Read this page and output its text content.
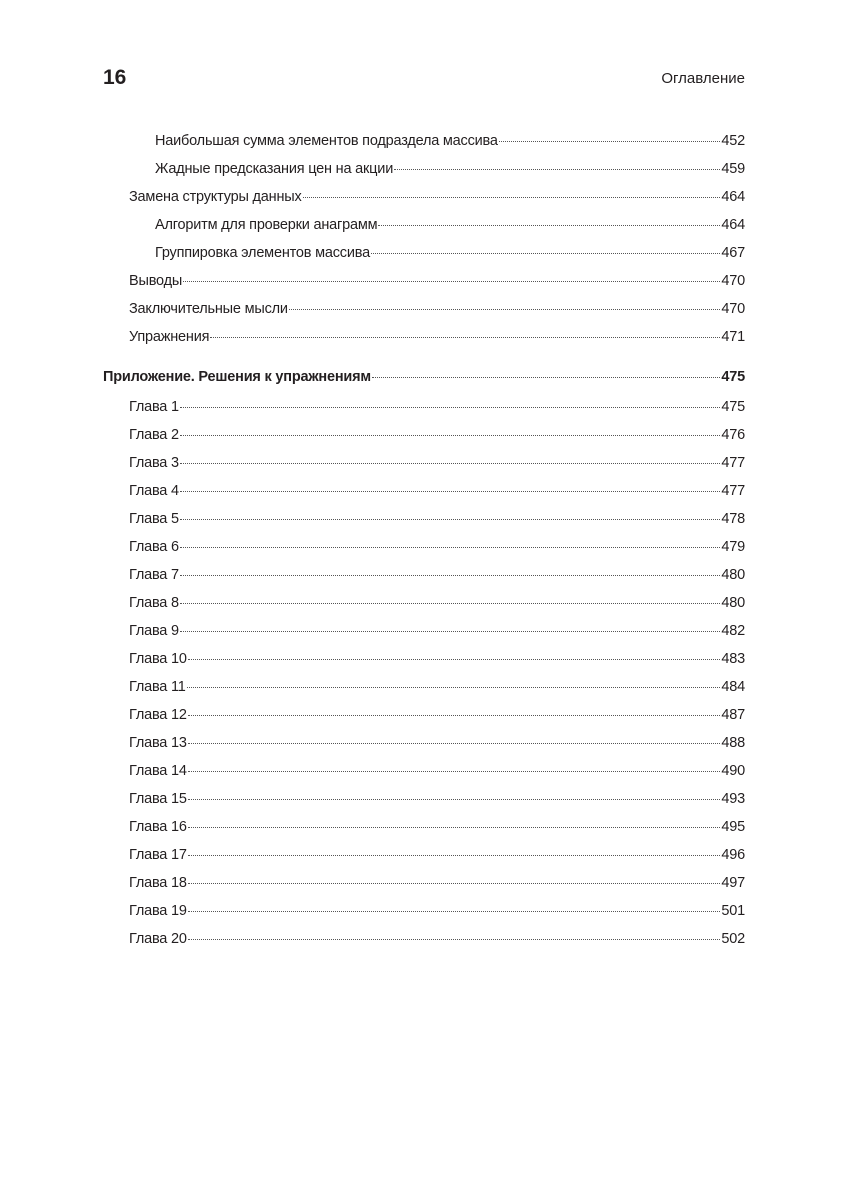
16	Оглавление
Наибольшая сумма элементов подраздела массива	452
Жадные предсказания цен на акции	459
Замена структуры данных	464
Алгоритм для проверки анаграмм	464
Группировка элементов массива	467
Выводы	470
Заключительные мысли	470
Упражнения	471
Приложение. Решения к упражнениям	475
Глава 1	475
Глава 2	476
Глава 3	477
Глава 4	477
Глава 5	478
Глава 6	479
Глава 7	480
Глава 8	480
Глава 9	482
Глава 10	483
Глава 11	484
Глава 12	487
Глава 13	488
Глава 14	490
Глава 15	493
Глава 16	495
Глава 17	496
Глава 18	497
Глава 19	501
Глава 20	502
